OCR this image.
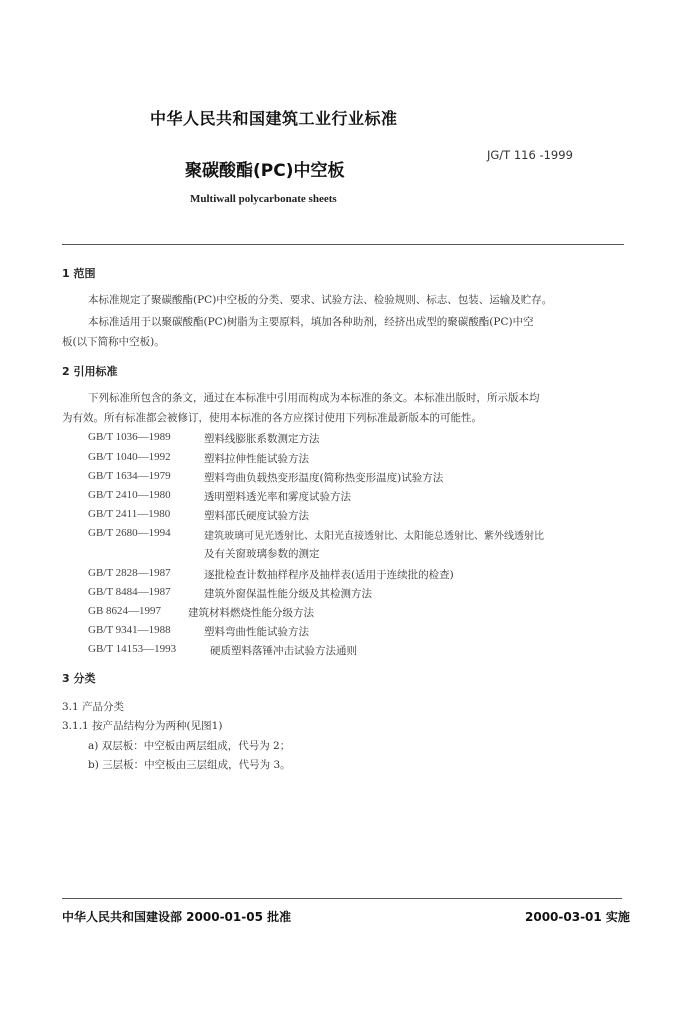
中华人民共和国建筑工业行业标准
JG/T 116 -1999
聚碳酸酯(PC)中空板
Multiwall polycarbonate sheets
1 范围
本标准规定了聚碳酸酯(PC)中空板的分类、要求、试验方法、检验规则、标志、包装、运输及贮存。
本标准适用于以聚碳酸酯(PC)树脂为主要原料，填加各种助剂，经挤出成型的聚碳酸酯(PC)中空
板(以下简称中空板)。
2 引用标准
下列标准所包含的条文，通过在本标准中引用而构成为本标准的条文。本标准出版时，所示版本均
为有效。所有标准都会被修订，使用本标准的各方应探讨使用下列标准最新版本的可能性。
GB/T 1036—1989	塑料线膨胀系数测定方法
GB/T 1040—1992	塑料拉伸性能试验方法
GB/T 1634—1979	塑料弯曲负载热变形温度(简称热变形温度)试验方法
GB/T 2410—1980	透明塑料透光率和雾度试验方法
GB/T 2411—1980	塑料邵氏硬度试验方法
GB/T 2680—1994	建筑玻璃可见光透射比、太阳光直接透射比、太阳能总透射比、紫外线透射比
及有关窗玻璃参数的测定
GB/T 2828—1987	逐批检查计数抽样程序及抽样表(适用于连续批的检查)
GB/T 8484—1987	建筑外窗保温性能分级及其检测方法
GB 8624—1997	建筑材料燃烧性能分级方法
GB/T 9341—1988	塑料弯曲性能试验方法
GB/T 14153—1993	硬质塑料落锤冲击试验方法通则
3 分类
3.1 产品分类
3.1.1 按产品结构分为两种(见图1)
a) 双层板：中空板由两层组成，代号为 2；
b) 三层板：中空板由三层组成，代号为 3。
中华人民共和国建设部 2000-01-05 批准	2000-03-01 实施
